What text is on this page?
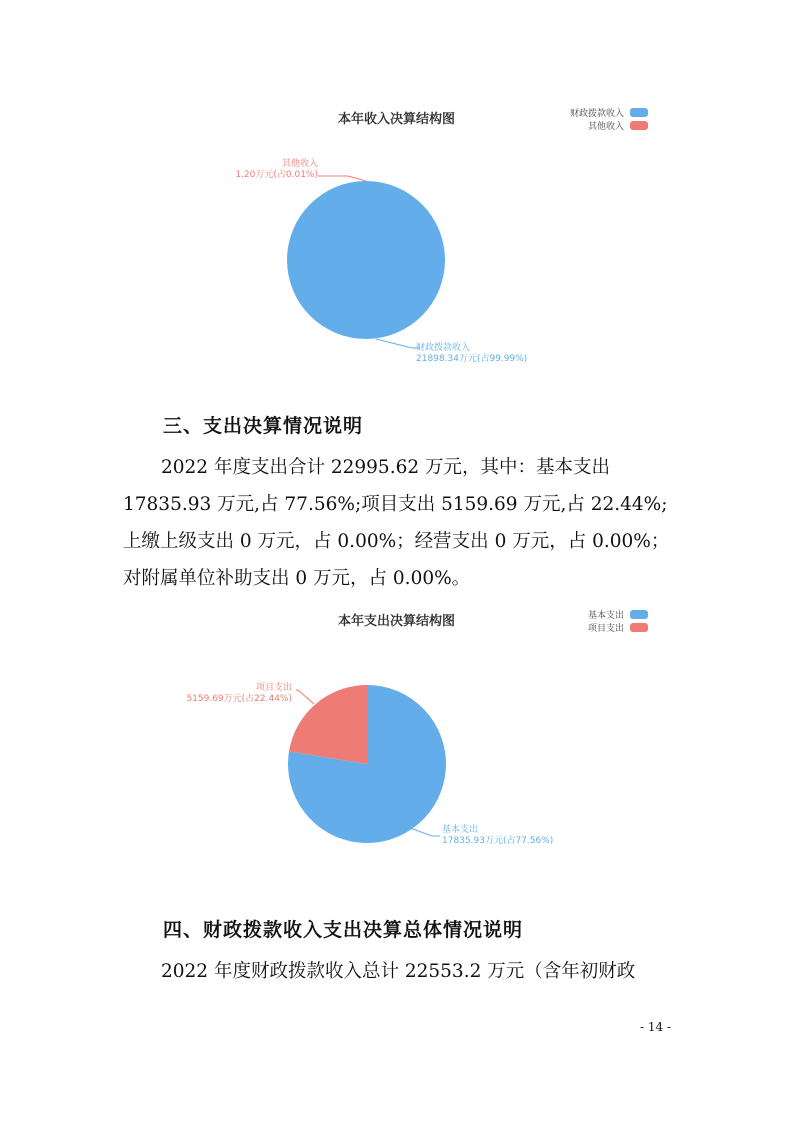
本年收入决算结构图	财政拨款收入
其他收入
财政拨款收入
21898.34万元(占99.99%)
其他收入
1.20万元(占0.01%)
本年支出决算结构图	基本支出
项目支出
基本支出
17835.93万元(占77.56%)
项目支出
5159.69万元(占22.44%)
三、支出决算情况说明
2022 年度支出合计 22995.62 万元，其中：基本支出
17835.93 万元,占 77.56%;项目支出 5159.69 万元,占 22.44%;
上缴上级支出 0 万元，占 0.00%；经营支出 0 万元，占 0.00%；
对附属单位补助支出 0 万元，占 0.00%。
四、财政拨款收入支出决算总体情况说明
2022 年度财政拨款收入总计 22553.2 万元（含年初财政
- 14 -
